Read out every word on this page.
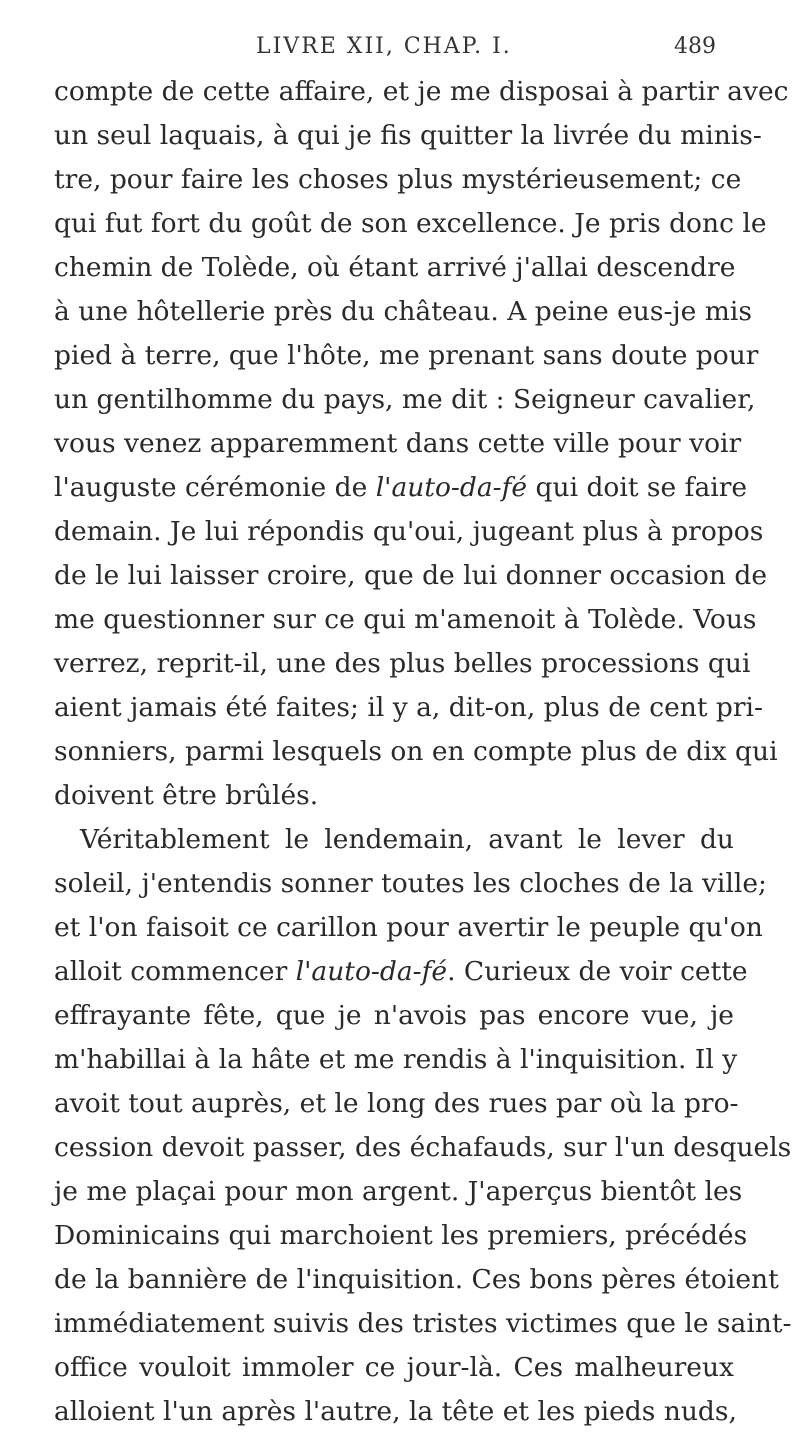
LIVRE XII, CHAP. I.	489
compte de cette affaire, et je me disposai à partir avec
un seul laquais, à qui je fis quitter la livrée du minis-
tre, pour faire les choses plus mystérieusement; ce
qui fut fort du goût de son excellence. Je pris donc le
chemin de Tolède, où étant arrivé j'allai descendre
à une hôtellerie près du château. A peine eus-je mis
pied à terre, que l'hôte, me prenant sans doute pour
un gentilhomme du pays, me dit : Seigneur cavalier,
vous venez apparemment dans cette ville pour voir
l'auguste cérémonie de l'auto-da-fé qui doit se faire
demain. Je lui répondis qu'oui, jugeant plus à propos
de le lui laisser croire, que de lui donner occasion de
me questionner sur ce qui m'amenoit à Tolède. Vous
verrez, reprit-il, une des plus belles processions qui
aient jamais été faites; il y a, dit-on, plus de cent pri-
sonniers, parmi lesquels on en compte plus de dix qui
doivent être brûlés.
Véritablement le lendemain, avant le lever du
soleil, j'entendis sonner toutes les cloches de la ville;
et l'on faisoit ce carillon pour avertir le peuple qu'on
alloit commencer l'auto-da-fé. Curieux de voir cette
effrayante fête, que je n'avois pas encore vue, je
m'habillai à la hâte et me rendis à l'inquisition. Il y
avoit tout auprès, et le long des rues par où la pro-
cession devoit passer, des échafauds, sur l'un desquels
je me plaçai pour mon argent. J'aperçus bientôt les
Dominicains qui marchoient les premiers, précédés
de la bannière de l'inquisition. Ces bons pères étoient
immédiatement suivis des tristes victimes que le saint-
office vouloit immoler ce jour-là. Ces malheureux
alloient l'un après l'autre, la tête et les pieds nuds,
